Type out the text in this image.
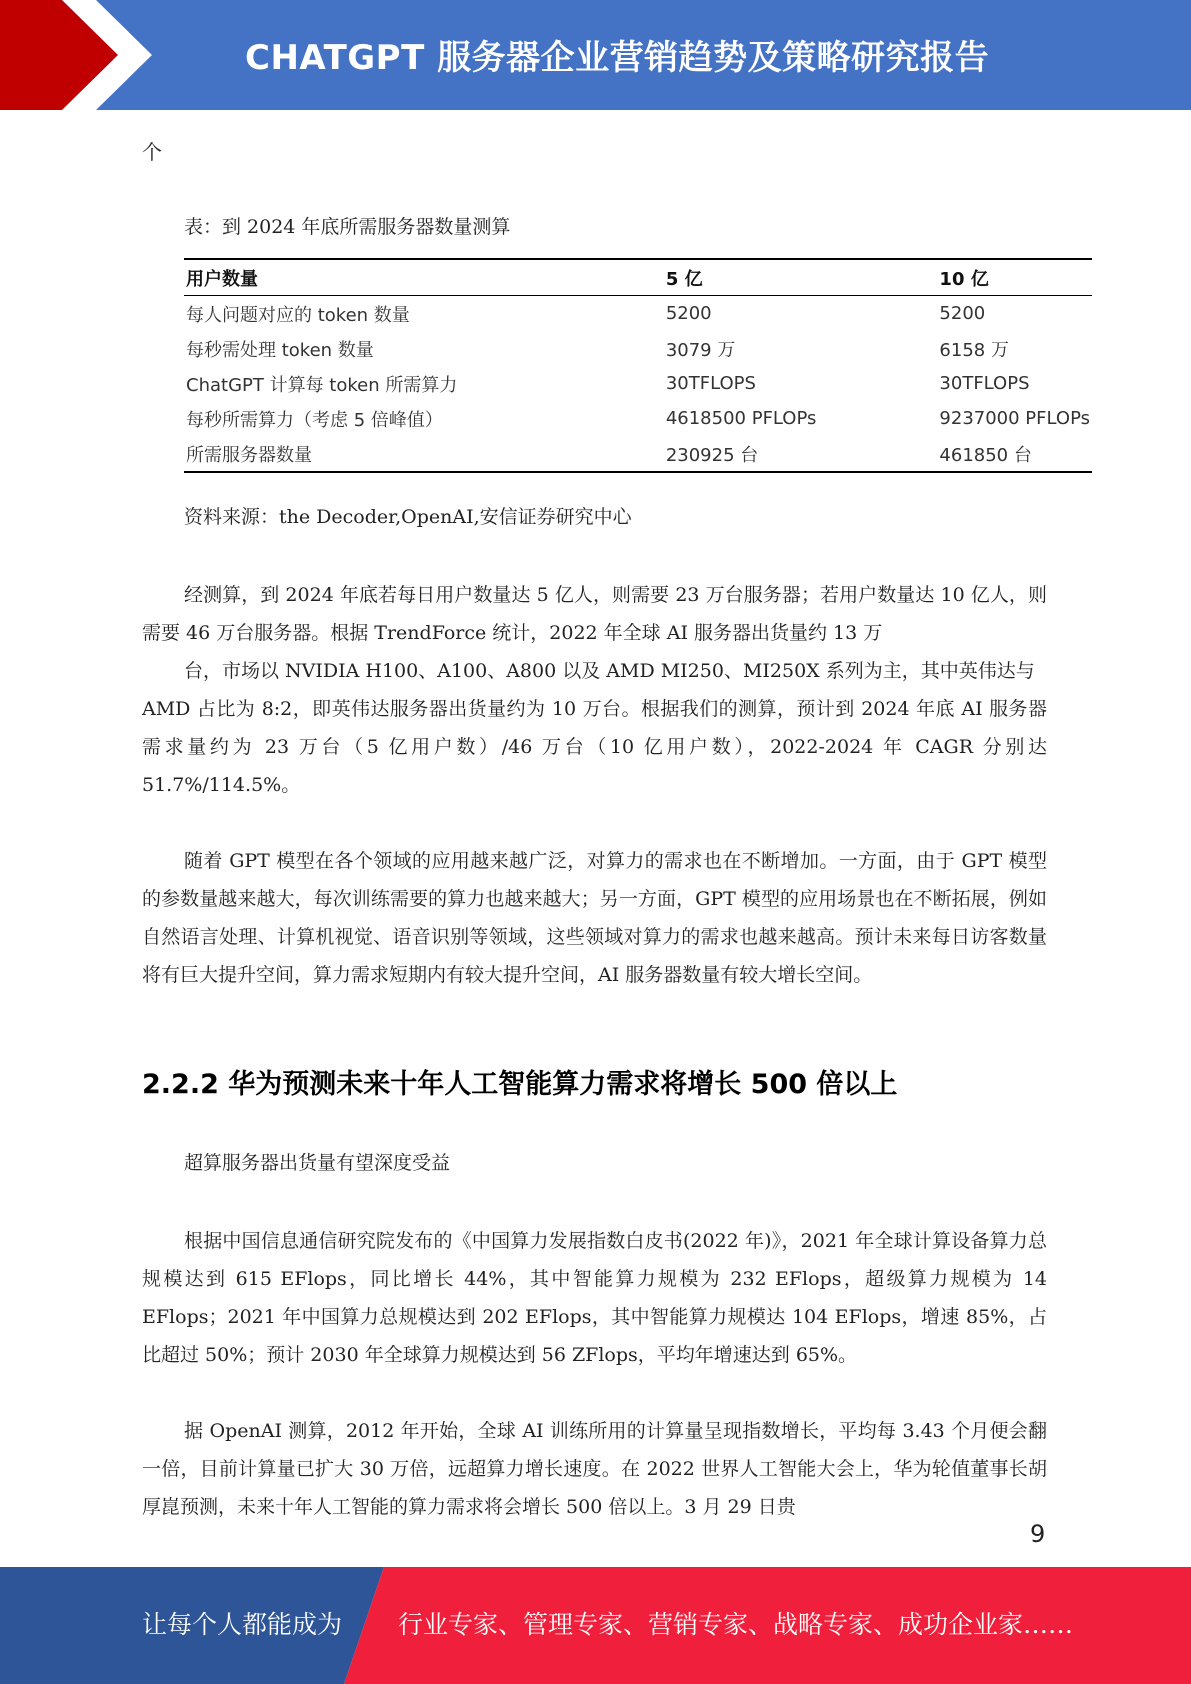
CHATGPT 服务器企业营销趋势及策略研究报告
个
表：到 2024 年底所需服务器数量测算
用户数量	5 亿	10 亿
每人问题对应的 token 数量	5200	5200
每秒需处理 token 数量	3079 万	6158 万
ChatGPT 计算每 token 所需算力	30TFLOPS	30TFLOPS
每秒所需算力（考虑 5 倍峰值）	4618500 PFLOPs	9237000 PFLOPs
所需服务器数量	230925 台	461850 台
资料来源：the Decoder,OpenAI,安信证券研究中心
经测算，到 2024 年底若每日用户数量达 5 亿人，则需要 23 万台服务器；若用户数量达 10 亿人，则需要 46 万台服务器。根据 TrendForce 统计，2022 年全球 AI 服务器出货量约 13 万
台，市场以 NVIDIA H100、A100、A800 以及 AMD MI250、MI250X 系列为主，其中英伟达与
AMD 占比为 8:2，即英伟达服务器出货量约为 10 万台。根据我们的测算，预计到 2024 年底 AI 服务器需求量约为 23 万台（5 亿用户数）/46 万台（10 亿用户数），2022-2024 年 CAGR 分别达 51.7%/114.5%。
随着 GPT 模型在各个领域的应用越来越广泛，对算力的需求也在不断增加。一方面，由于 GPT 模型的参数量越来越大，每次训练需要的算力也越来越大；另一方面，GPT 模型的应用场景也在不断拓展，例如自然语言处理、计算机视觉、语音识别等领域，这些领域对算力的需求也越来越高。预计未来每日访客数量将有巨大提升空间，算力需求短期内有较大提升空间，AI 服务器数量有较大增长空间。
2.2.2 华为预测未来十年人工智能算力需求将增长 500 倍以上
超算服务器出货量有望深度受益
根据中国信息通信研究院发布的《中国算力发展指数白皮书(2022 年)》，2021 年全球计算设备算力总规模达到 615 EFlops，同比增长 44%，其中智能算力规模为 232 EFlops，超级算力规模为 14 EFlops；2021 年中国算力总规模达到 202 EFlops，其中智能算力规模达 104 EFlops，增速 85%，占比超过 50%；预计 2030 年全球算力规模达到 56 ZFlops，平均年增速达到 65%。
据 OpenAI 测算，2012 年开始，全球 AI 训练所用的计算量呈现指数增长，平均每 3.43 个月便会翻一倍，目前计算量已扩大 30 万倍，远超算力增长速度。在 2022 世界人工智能大会上，华为轮值董事长胡厚崑预测，未来十年人工智能的算力需求将会增长 500 倍以上。3 月 29 日贵
9
让每个人都能成为 行业专家、管理专家、营销专家、战略专家、成功企业家……
